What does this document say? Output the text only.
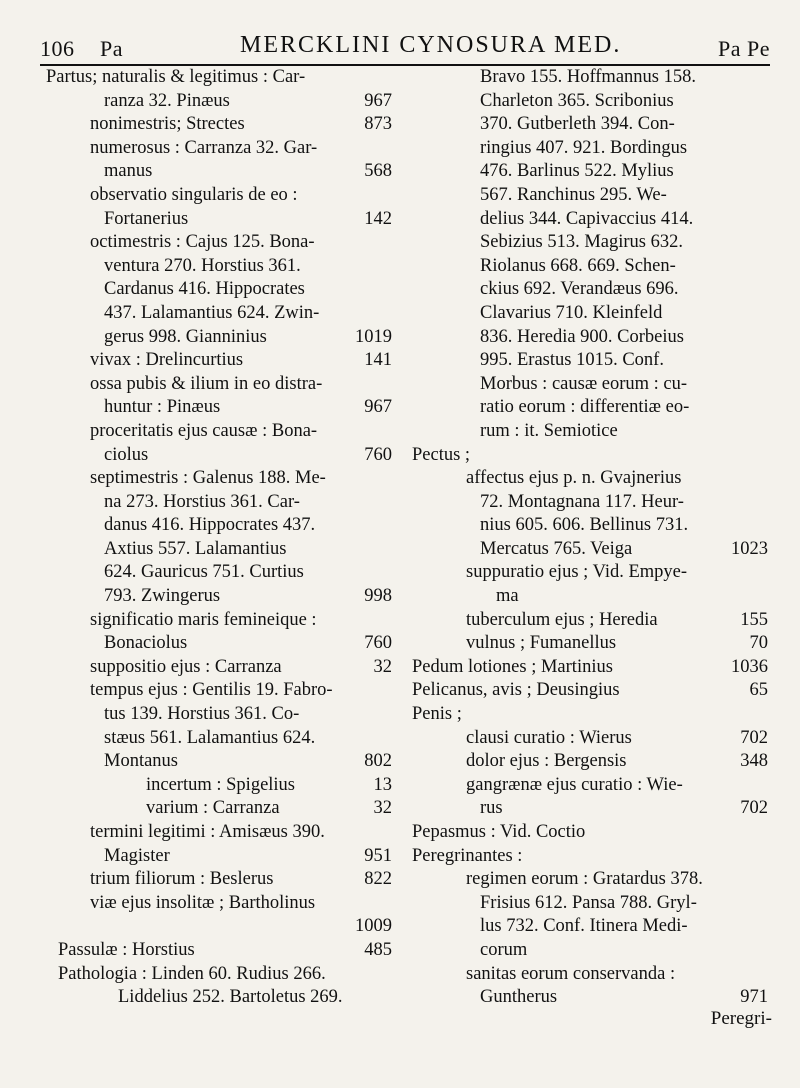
106 Pa	MERCKLINI CYNOSURA MED.	Pa Pe
Partus; naturalis & legitimus : Car-
ranza 32. Pinæus	967
nonimestris; Strectes	873
numerosus : Carranza 32. Gar-
manus	568
observatio singularis de eo :
Fortanerius	142
octimestris : Cajus 125. Bona-
ventura 270. Horstius 361.
Cardanus 416. Hippocrates
437. Lalamantius 624. Zwin-
gerus 998. Gianninius	1019
vivax : Drelincurtius	141
ossa pubis & ilium in eo distra-
huntur : Pinæus	967
proceritatis ejus causæ : Bona-
ciolus	760
septimestris : Galenus 188. Me-
na 273. Horstius 361. Car-
danus 416. Hippocrates 437.
Axtius 557. Lalamantius
624. Gauricus 751. Curtius
793. Zwingerus	998
significatio maris femineique :
Bonaciolus	760
suppositio ejus : Carranza	32
tempus ejus : Gentilis 19. Fabro-
tus 139. Horstius 361. Co-
stæus 561. Lalamantius 624.
Montanus	802
incertum : Spigelius	13
varium : Carranza	32
termini legitimi : Amisæus 390.
Magister	951
trium filiorum : Beslerus	822
viæ ejus insolitæ ; Bartholinus
1009
Passulæ : Horstius	485
Pathologia : Linden 60. Rudius 266.
Liddelius 252. Bartoletus 269.
Bravo 155. Hoffmannus 158.
Charleton 365. Scribonius
370. Gutberleth 394. Con-
ringius 407. 921. Bordingus
476. Barlinus 522. Mylius
567. Ranchinus 295. We-
delius 344. Capivaccius 414.
Sebizius 513. Magirus 632.
Riolanus 668. 669. Schen-
ckius 692. Verandæus 696.
Clavarius 710. Kleinfeld
836. Heredia 900. Corbeius
995. Erastus 1015. Conf.
Morbus : causæ eorum : cu-
ratio eorum : differentiæ eo-
rum : it. Semiotice
Pectus ;
affectus ejus p. n. Gvajnerius
72. Montagnana 117. Heur-
nius 605. 606. Bellinus 731.
Mercatus 765. Veiga	1023
suppuratio ejus ; Vid. Empye-
ma
tuberculum ejus ; Heredia	155
vulnus ; Fumanellus	70
Pedum lotiones ; Martinius	1036
Pelicanus, avis ; Deusingius	65
Penis ;
clausi curatio : Wierus	702
dolor ejus : Bergensis	348
gangrænæ ejus curatio : Wie-
rus	702
Pepasmus : Vid. Coctio
Peregrinantes :
regimen eorum : Gratardus 378.
Frisius 612. Pansa 788. Gryl-
lus 732. Conf. Itinera Medi-
corum
sanitas eorum conservanda :
Guntherus	971
Peregri-
